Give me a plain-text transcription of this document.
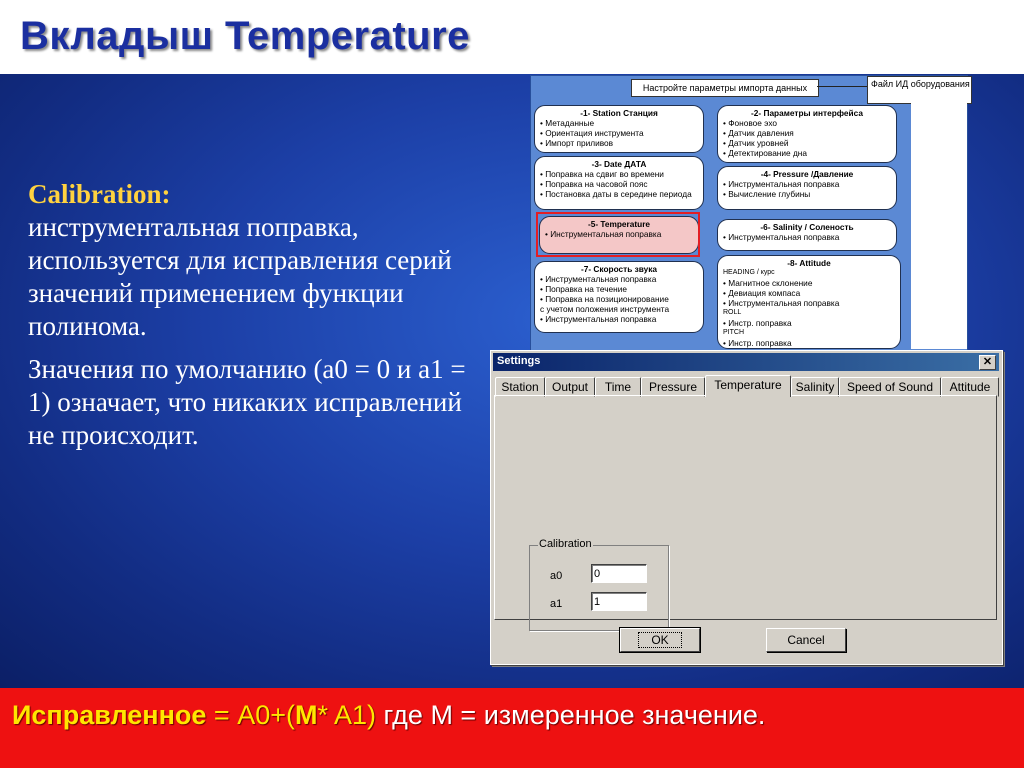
Вкладыш Temperature
Calibration:
инструментальная поправка, используется для исправления серий значений применением функции полинома.
Значения по умолчанию (a0 = 0 и a1 = 1) означает, что никаких исправлений не происходит.
Настройте параметры импорта данных	Файл ИД оборудования
-1- Station Станция
• Метаданные
• Ориентация инструмента
• Импорт приливов
-2- Параметры интерфейса
• Фоновое эхо
• Датчик давления
• Датчик уровней
• Детектирование дна
-3- Date ДАТА
• Поправка на сдвиг во времени
• Поправка на часовой пояс
• Постановка даты в середине периода
-4- Pressure /Давление
• Инструментальная поправка
• Вычисление глубины
-5- Temperature
• Инструментальная поправка
-6- Salinity / Соленость
• Инструментальная поправка
-7- Скорость звука
• Инструментальная поправка
• Поправка на течение
• Поправка на позиционирование
с учетом положения инструмента
• Инструментальная поправка
-8- Attitude
HEADING / курс
• Магнитное склонение
• Девиация компаса
• Инструментальная поправка
ROLL
• Инстр. поправка
PITCH
• Инстр. поправка
Settings	✕
Station	Output	Time	Pressure	Temperature	Salinity	Speed of Sound	Attitude
Calibration
a0
0
a1
1
OK	Cancel
Исправленное = A0+(M* A1) где M = измеренное значение.
